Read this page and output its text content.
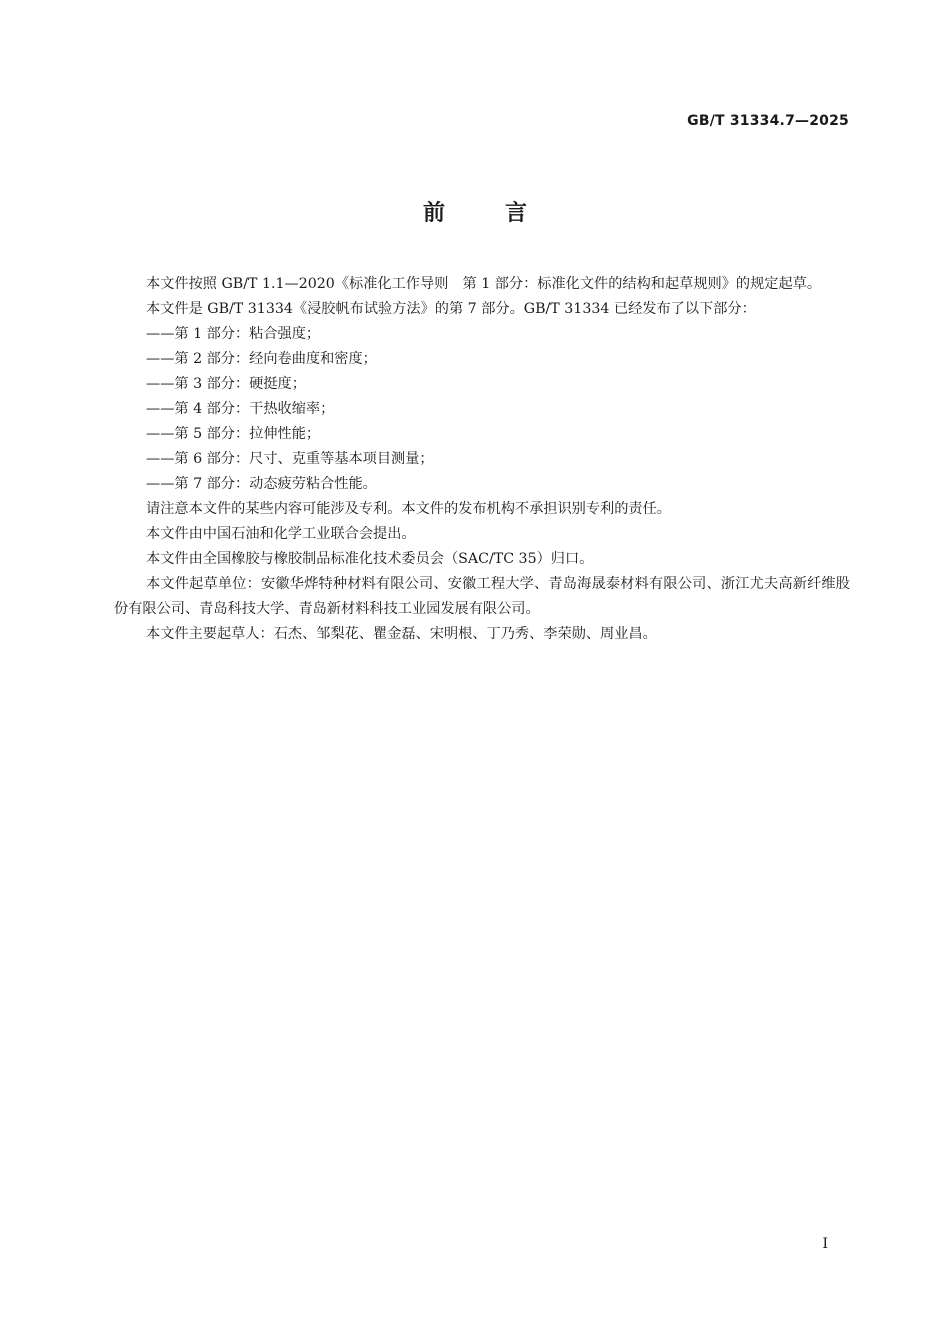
GB/T 31334.7—2025
前言

本文件按照 GB/T 1.1—2020《标准化工作导则　第 1 部分：标准化文件的结构和起草规则》的规定起草。

本文件是 GB/T 31334《浸胶帆布试验方法》的第 7 部分。GB/T 31334 已经发布了以下部分：

——第 1 部分：粘合强度；

——第 2 部分：经向卷曲度和密度；

——第 3 部分：硬挺度；

——第 4 部分：干热收缩率；

——第 5 部分：拉伸性能；

——第 6 部分：尺寸、克重等基本项目测量；

——第 7 部分：动态疲劳粘合性能。

请注意本文件的某些内容可能涉及专利。本文件的发布机构不承担识别专利的责任。

本文件由中国石油和化学工业联合会提出。

本文件由全国橡胶与橡胶制品标准化技术委员会（SAC/TC 35）归口。

本文件起草单位：安徽华烨特种材料有限公司、安徽工程大学、青岛海晟泰材料有限公司、浙江尤夫高新纤维股份有限公司、青岛科技大学、青岛新材料科技工业园发展有限公司。

本文件主要起草人：石杰、邹梨花、瞿金磊、宋明根、丁乃秀、李荣勋、周业昌。

I
